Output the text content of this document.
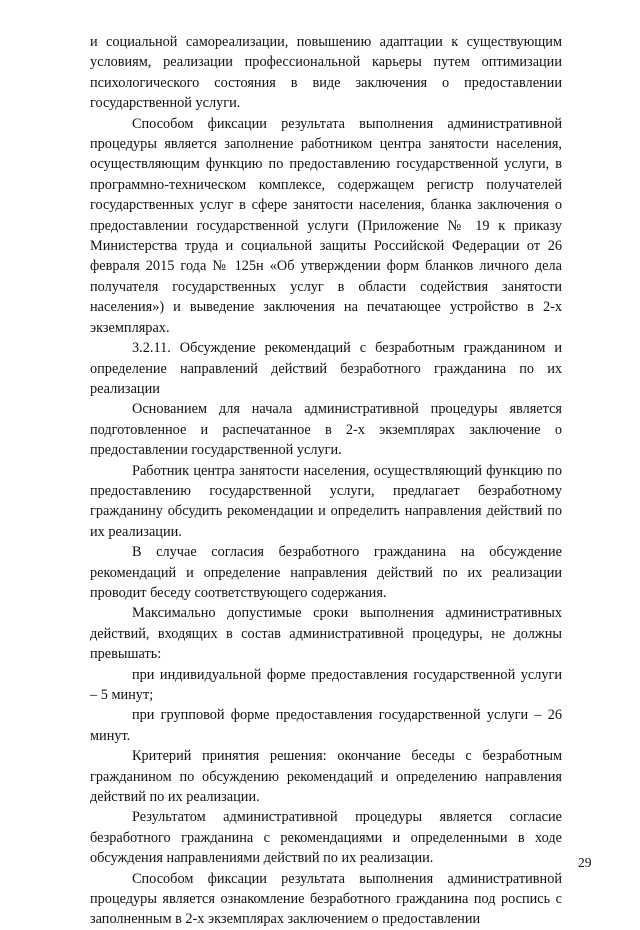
и социальной самореализации, повышению адаптации к существующим условиям, реализации профессиональной карьеры путем оптимизации психологического состояния в виде заключения о предоставлении государственной услуги.

Способом фиксации результата выполнения административной процедуры является заполнение работником центра занятости населения, осуществляющим функцию по предоставлению государственной услуги, в программно-техническом комплексе, содержащем регистр получателей государственных услуг в сфере занятости населения, бланка заключения о предоставлении государственной услуги (Приложение № 19 к приказу Министерства труда и социальной защиты Российской Федерации от 26 февраля 2015 года № 125н «Об утверждении форм бланков личного дела получателя государственных услуг в области содействия занятости населения») и выведение заключения на печатающее устройство в 2-х экземплярах.

3.2.11. Обсуждение рекомендаций с безработным гражданином и определение направлений действий безработного гражданина по их реализации

Основанием для начала административной процедуры является подготовленное и распечатанное в 2-х экземплярах заключение о предоставлении государственной услуги.

Работник центра занятости населения, осуществляющий функцию по предоставлению государственной услуги, предлагает безработному гражданину обсудить рекомендации и определить направления действий по их реализации.

В случае согласия безработного гражданина на обсуждение рекомендаций и определение направления действий по их реализации проводит беседу соответствующего содержания.

Максимально допустимые сроки выполнения административных действий, входящих в состав административной процедуры, не должны превышать:

при индивидуальной форме предоставления государственной услуги – 5 минут;

при групповой форме предоставления государственной услуги – 26 минут.

Критерий принятия решения: окончание беседы с безработным гражданином по обсуждению рекомендаций и определению направления действий по их реализации.

Результатом административной процедуры является согласие безработного гражданина с рекомендациями и определенными в ходе обсуждения направлениями действий по их реализации.

Способом фиксации результата выполнения административной процедуры является ознакомление безработного гражданина под роспись с заполненным в 2-х экземплярах заключением о предоставлении

29
